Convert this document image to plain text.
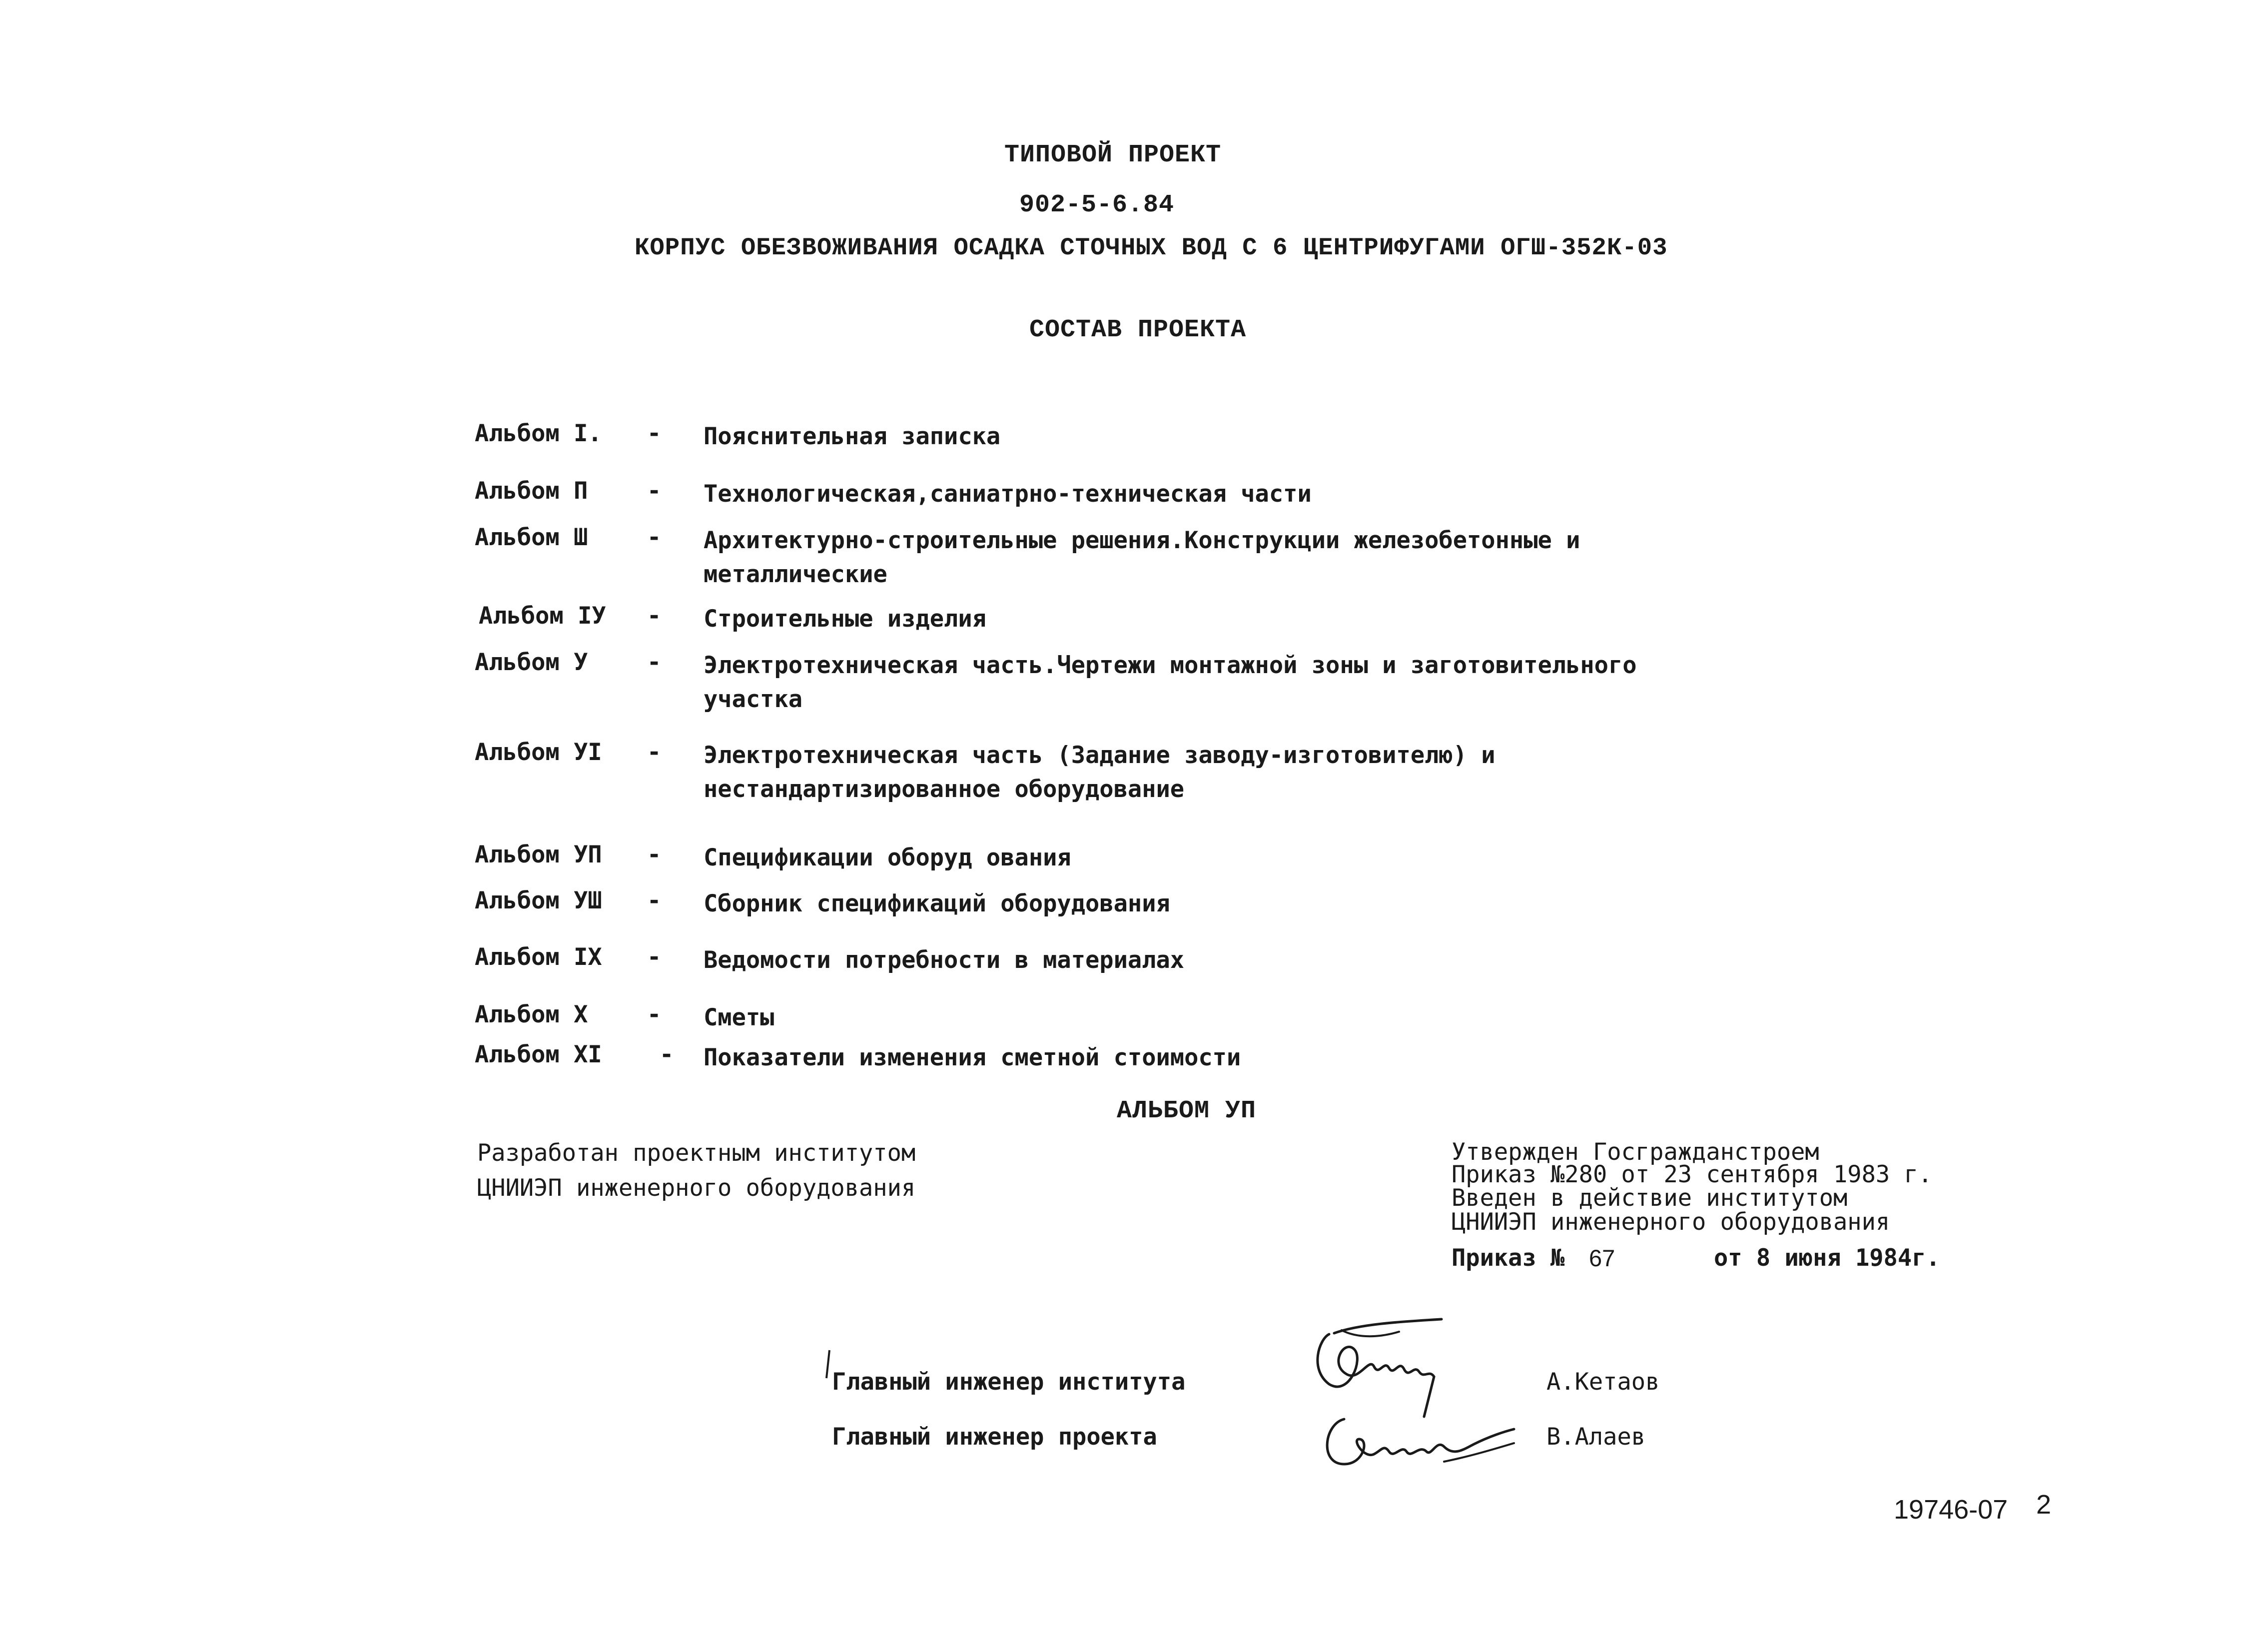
ТИПОВОЙ ПРОЕКТ
902-5-6.84
КОРПУС ОБЕЗВОЖИВАНИЯ ОСАДКА СТОЧНЫХ ВОД С 6 ЦЕНТРИФУГАМИ ОГШ-352К-03
СОСТАВ ПРОЕКТА
Альбом I. - Пояснительная записка
Альбом П	- Технологическая,саниатрно-техническая части
Альбом Ш	- Архитектурно-строительные решения.Конструкции железобетонные и металлические
Альбом IУ - Строительные изделия
Альбом У	- Электротехническая часть.Чертежи монтажной зоны и заготовительного участка
Альбом УI - Электротехническая часть (Задание заводу-изготовителю) и нестандартизированное оборудование
Альбом УП - Спецификации оборуд ования
Альбом УШ - Сборник спецификаций оборудования
Альбом IX - Ведомости потребности в материалах
Альбом X	- Сметы
Альбом XI - Показатели изменения сметной стоимости
АЛЬБОМ УП
Разработан проектным институтом
ЦНИИЭП инженерного оборудования
Утвержден Госгражданстроем
Приказ №280 от 23 сентября 1983 г.
Введен в действие институтом
ЦНИИЭП инженерного оборудования
Приказ № 67	от 8 июня 1984г.
Главный инженер института	А.Кетаов
Главный инженер проекта	В.Алаев
19746-07 2
